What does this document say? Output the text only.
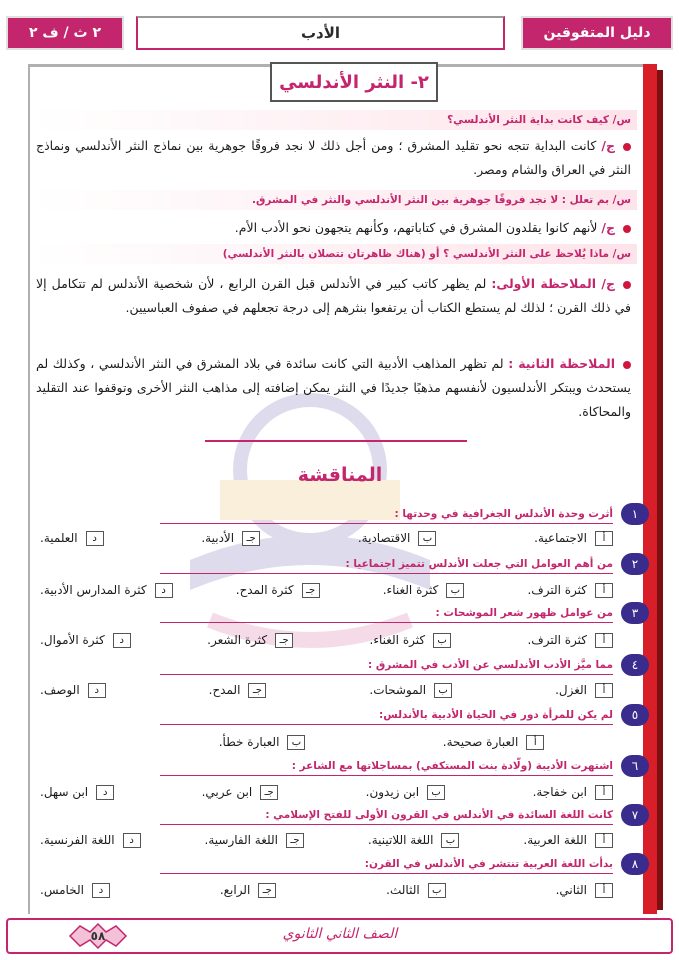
دليل المتفوقين
الأدب
٢ ث / ف ٢
٢- النثر الأندلسي
س/ كيف كانت بداية النثر الأندلسي؟
ج/ كانت البداية تتجه نحو تقليد المشرق ؛ ومن أجل ذلك لا نجد فروقًا جوهرية بين نماذج النثر الأندلسي ونماذج النثر في العراق والشام ومصر.
س/ بم تعلل : لا نجد فروقًا جوهرية بين النثر الأندلسي والنثر في المشرق.
ج/ لأنهم كانوا يقلدون المشرق في كتاباتهم، وكأنهم يتجهون نحو الأدب الأم.
س/ ماذا يُلاحظ على النثر الأندلسي ؟ أو (هناك ظاهرتان تتصلان بالنثر الأندلسي)
ج/ الملاحظة الأولى: لم يظهر كاتب كبير في الأندلس قبل القرن الرابع ، لأن شخصية الأندلس لم تتكامل إلا في ذلك القرن ؛ لذلك لم يستطع الكتاب أن يرتفعوا بنثرهم إلى درجة تجعلهم في صفوف العباسيين.
الملاحظة الثانية : لم تظهر المذاهب الأدبية التي كانت سائدة في بلاد المشرق في النثر الأندلسي ، وكذلك لم يستحدث ويبتكر الأندلسيون لأنفسهم مذهبًا جديدًا في النثر يمكن إضافته إلى مذاهب النثر الأخرى وتوقفوا عند التقليد والمحاكاة.
المناقشة
١
أثرت وحدة الأندلس الجغرافية في وحدتها :
أ
الاجتماعية.
ب
الاقتصادية.
جـ
الأدبية.
د
العلمية.
٢
من أهم العوامل التي جعلت الأندلس تتميز اجتماعيا :
أ
كثرة الترف.
ب
كثرة الغناء.
جـ
كثرة المدح.
د
كثرة المدارس الأدبية.
٣
من عوامل ظهور شعر الموشحات :
أ
كثرة الترف.
ب
كثرة الغناء.
جـ
كثرة الشعر.
د
كثرة الأموال.
٤
مما ميَّز الأدب الأندلسي عن الأدب في المشرق :
أ
الغزل.
ب
الموشحات.
جـ
المدح.
د
الوصف.
٥
لم يكن للمرأة دور في الحياة الأدبية بالأندلس:
أ
العبارة صحيحة.
ب
العبارة خطأ.
٦
اشتهرت الأديبة (ولّادة بنت المستكفي) بمساجلاتها مع الشاعر :
أ
ابن خفاجة.
ب
ابن زيدون.
جـ
ابن عربي.
د
ابن سهل.
٧
كانت اللغة السائدة في الأندلس في القرون الأولى للفتح الإسلامي :
أ
اللغة العربية.
ب
اللغة اللاتينية.
جـ
اللغة الفارسية.
د
اللغة الفرنسية.
٨
بدأت اللغة العربية تنتشر في الأندلس في القرن:
أ
الثاني.
ب
الثالث.
جـ
الرابع.
د
الخامس.
الصف الثاني الثانوي
٥٨
